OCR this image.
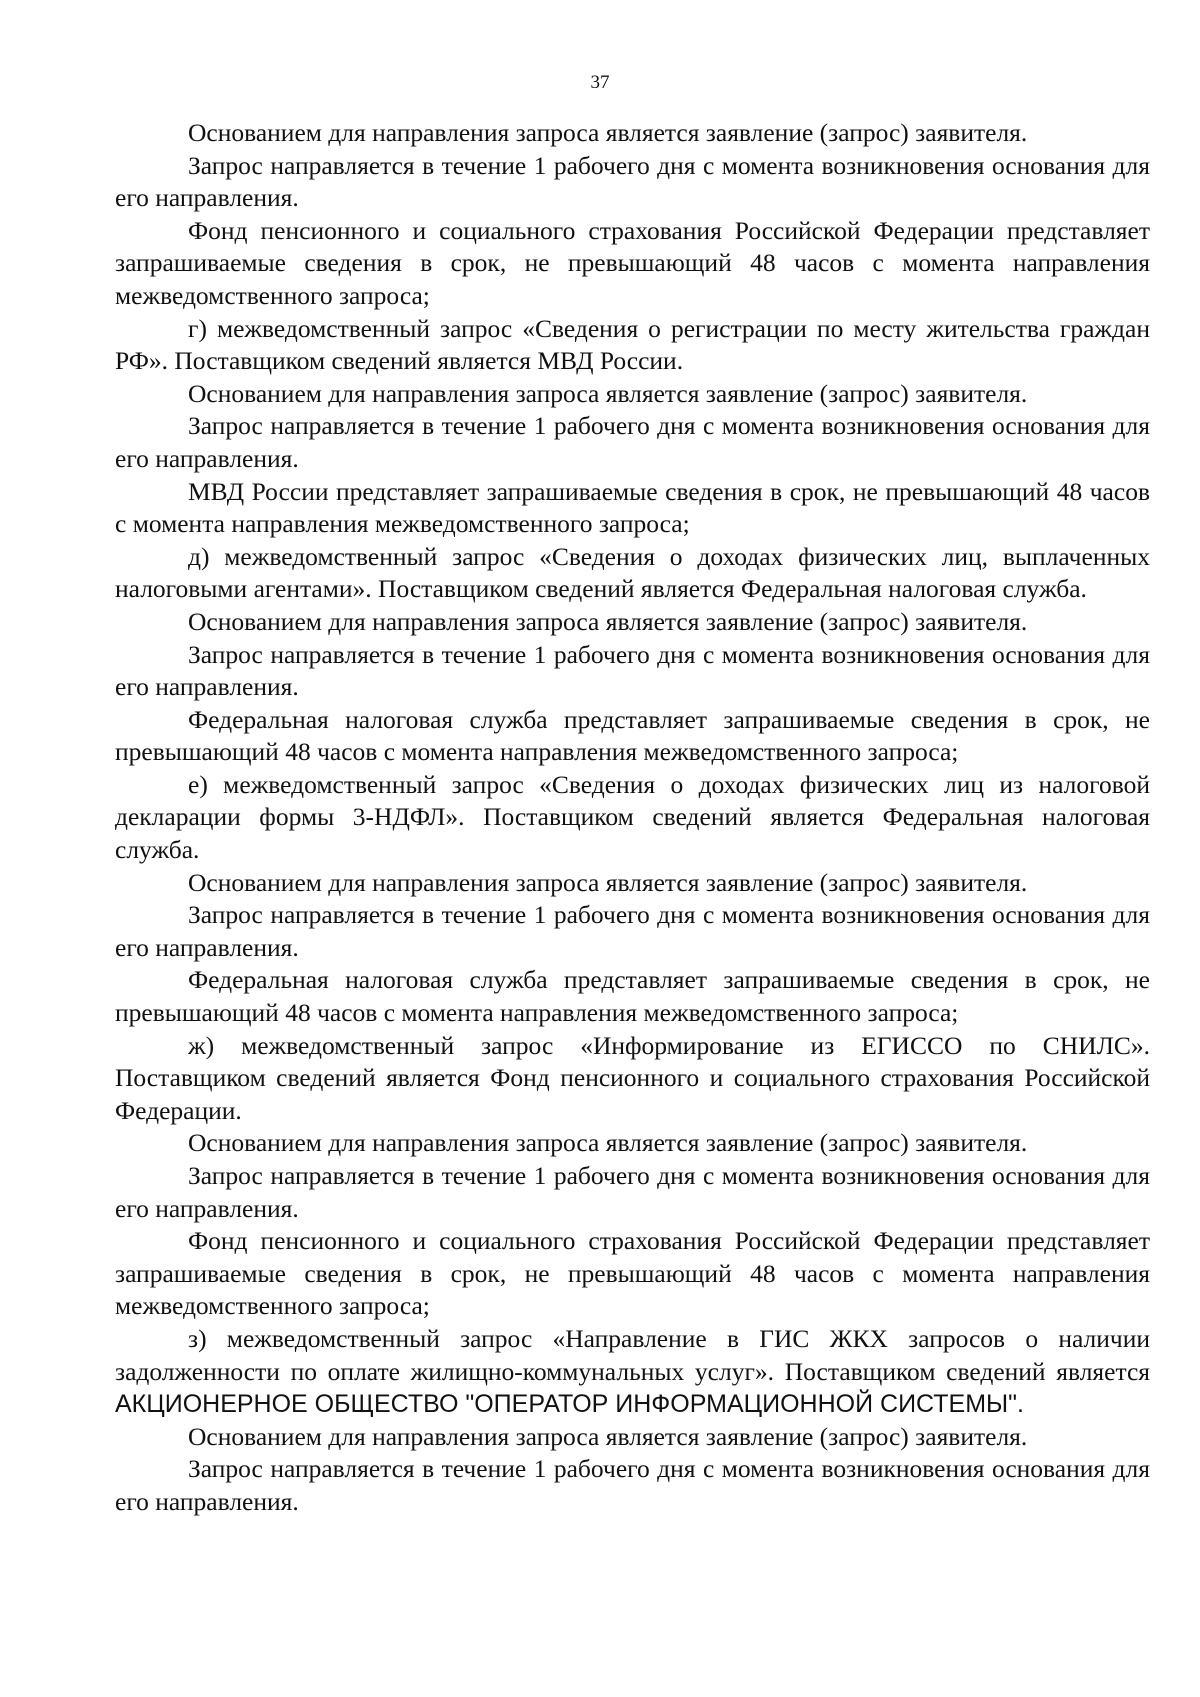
37

Основанием для направления запроса является заявление (запрос) заявителя.

Запрос направляется в течение 1 рабочего дня с момента возникновения основания для его направления.

Фонд пенсионного и социального страхования Российской Федерации представляет запрашиваемые сведения в срок, не превышающий 48 часов с момента направления межведомственного запроса;

г) межведомственный запрос «Сведения о регистрации по месту жительства граждан РФ». Поставщиком сведений является МВД России.

Основанием для направления запроса является заявление (запрос) заявителя.

Запрос направляется в течение 1 рабочего дня с момента возникновения основания для его направления.

МВД России представляет запрашиваемые сведения в срок, не превышающий 48 часов с момента направления межведомственного запроса;

д) межведомственный запрос «Сведения о доходах физических лиц, выплаченных налоговыми агентами». Поставщиком сведений является Федеральная налоговая служба.

Основанием для направления запроса является заявление (запрос) заявителя.

Запрос направляется в течение 1 рабочего дня с момента возникновения основания для его направления.

Федеральная налоговая служба представляет запрашиваемые сведения в срок, не превышающий 48 часов с момента направления межведомственного запроса;

е) межведомственный запрос «Сведения о доходах физических лиц из налоговой декларации формы 3-НДФЛ». Поставщиком сведений является Федеральная налоговая служба.

Основанием для направления запроса является заявление (запрос) заявителя.

Запрос направляется в течение 1 рабочего дня с момента возникновения основания для его направления.

Федеральная налоговая служба представляет запрашиваемые сведения в срок, не превышающий 48 часов с момента направления межведомственного запроса;

ж) межведомственный запрос «Информирование из ЕГИССО по СНИЛС». Поставщиком сведений является Фонд пенсионного и социального страхования Российской Федерации.

Основанием для направления запроса является заявление (запрос) заявителя.

Запрос направляется в течение 1 рабочего дня с момента возникновения основания для его направления.

Фонд пенсионного и социального страхования Российской Федерации представляет запрашиваемые сведения в срок, не превышающий 48 часов с момента направления межведомственного запроса;

з) межведомственный запрос «Направление в ГИС ЖКХ запросов о наличии задолженности по оплате жилищно-коммунальных услуг». Поставщиком сведений является АКЦИОНЕРНОЕ ОБЩЕСТВО "ОПЕРАТОР ИНФОРМАЦИОННОЙ СИСТЕМЫ".

Основанием для направления запроса является заявление (запрос) заявителя.

Запрос направляется в течение 1 рабочего дня с момента возникновения основания для его направления.
